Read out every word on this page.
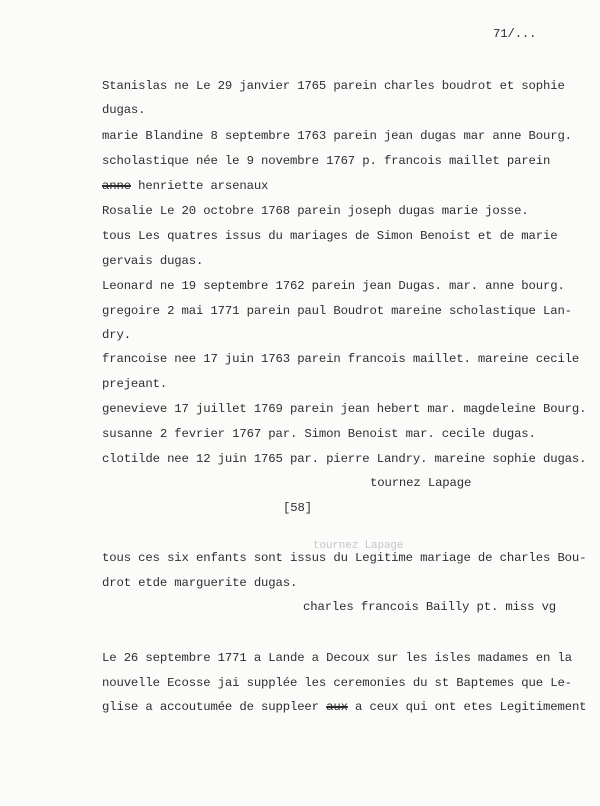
71/...
Stanislas ne Le 29 janvier 1765 parein charles boudrot et sophie
dugas.
marie Blandine 8 septembre 1763 parein jean dugas mar anne Bourg.
scholastique née le 9 novembre 1767 p. francois maillet parein
anne henriette arsenaux
Rosalie Le 20 octobre 1768 parein joseph dugas marie josse.
tous Les quatres issus du mariages de Simon Benoist et de marie
gervais dugas.
Leonard ne 19 septembre 1762 parein jean Dugas. mar. anne bourg.
gregoire 2 mai 1771 parein paul Boudrot mareine scholastique Lan-
dry.
francoise nee 17 juin 1763 parein francois maillet. mareine cecile
prejeant.
genevieve 17 juillet 1769 parein jean hebert mar. magdeleine Bourg.
susanne 2 fevrier 1767 par. Simon Benoist mar. cecile dugas.
clotilde nee 12 juin 1765 par. pierre Landry. mareine sophie dugas.
tournez Lapage
[58]
tournez Lapage
tous ces six enfants sont issus du Legitime mariage de charles Bou-
drot etde marguerite dugas.
charles francois Bailly pt. miss vg
Le 26 septembre 1771 a Lande a Decoux sur les isles madames en la
nouvelle Ecosse jai supplée les ceremonies du st Baptemes que Le-
glise a accoutumée de suppleer aux a ceux qui ont etes Legitimement
